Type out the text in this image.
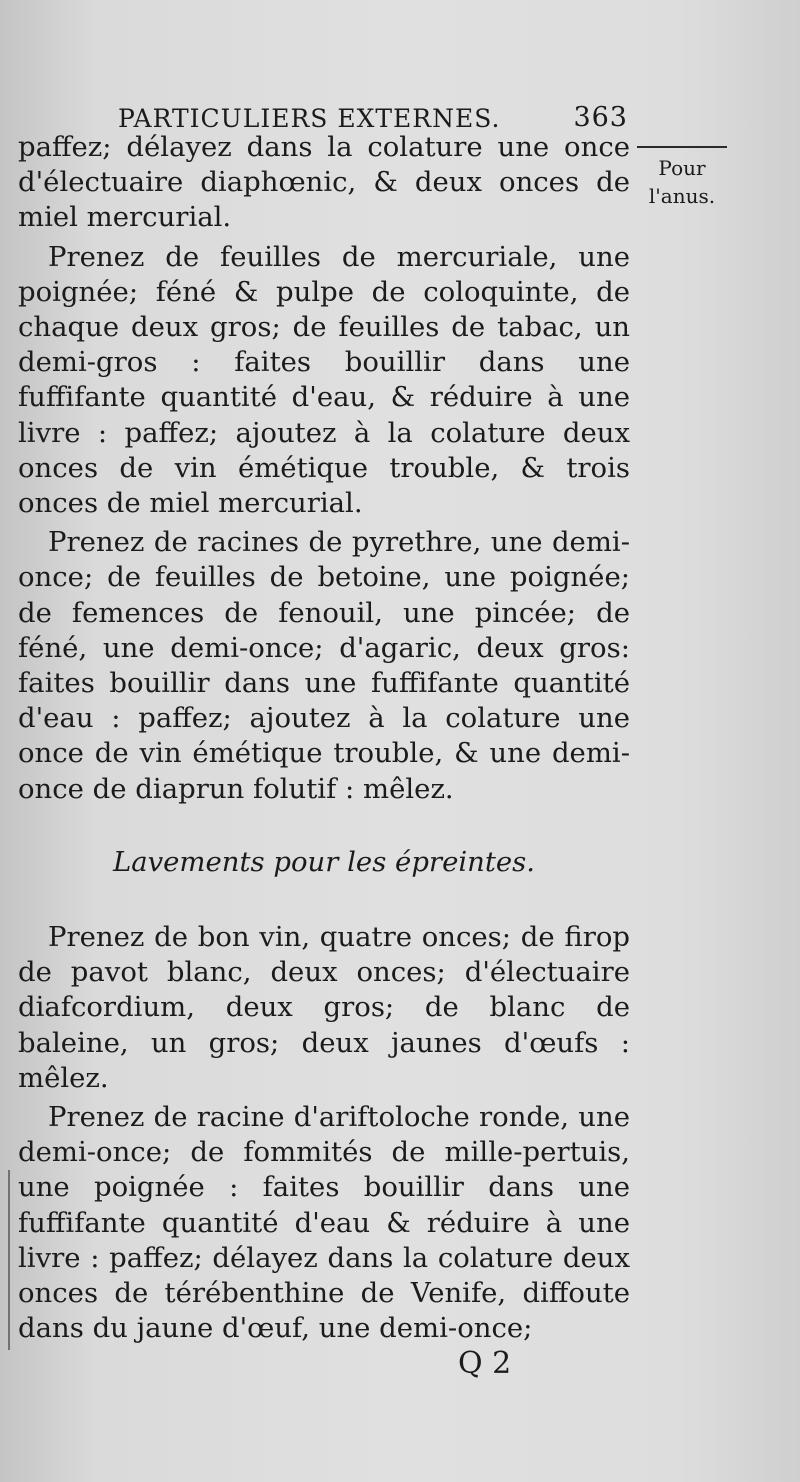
PARTICULIERS EXTERNES.	363
Pour
l'anus.

paffez; délayez dans la colature une once d'électuaire diaphœnic, & deux onces de miel mercurial.

Prenez de feuilles de mercuriale, une poignée; féné & pulpe de coloquinte, de chaque deux gros; de feuilles de tabac, un demi-gros : faites bouillir dans une fuffifante quantité d'eau, & réduire à une livre : paffez; ajoutez à la colature deux onces de vin émétique trouble, & trois onces de miel mercurial.

Prenez de racines de pyrethre, une demi-once; de feuilles de betoine, une poignée; de femences de fenouil, une pincée; de féné, une demi-once; d'agaric, deux gros: faites bouillir dans une fuffifante quantité d'eau : paffez; ajoutez à la colature une once de vin émétique trouble, & une demi-once de diaprun folutif : mêlez.

Lavements pour les épreintes.

Prenez de bon vin, quatre onces; de firop de pavot blanc, deux onces; d'électuaire diafcordium, deux gros; de blanc de baleine, un gros; deux jaunes d'œufs : mêlez.

Prenez de racine d'ariftoloche ronde, une demi-once; de fommités de mille-pertuis, une poignée : faites bouillir dans une fuffifante quantité d'eau & réduire à une livre : paffez; délayez dans la colature deux onces de térébenthine de Venife, diffoute dans du jaune d'œuf, une demi-once;

Q 2
